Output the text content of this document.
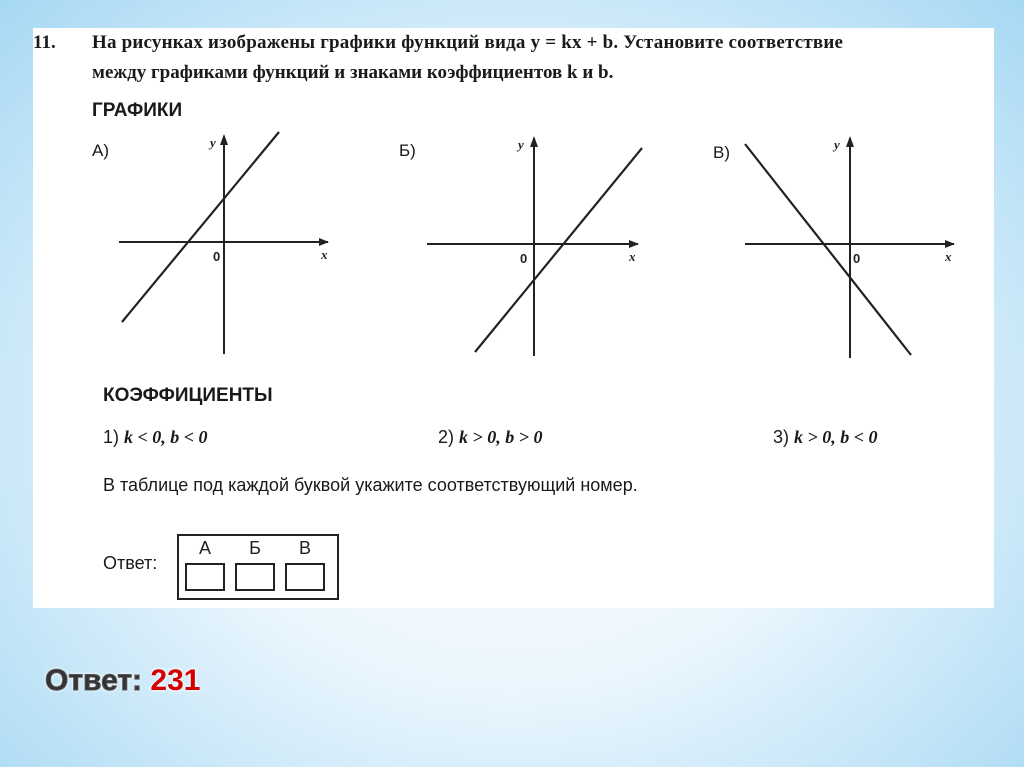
11. На рисунках изображены графики функций вида y = kx + b. Установите соответствие
между графиками функций и знаками коэффициентов k и b.
ГРАФИКИ
А)	Б)	В)
y
x
0
y
x
0
y
x
0
КОЭФФИЦИЕНТЫ
1) k < 0, b < 0	2) k > 0, b > 0	3) k > 0, b < 0
В таблице под каждой буквой укажите соответствующий номер.
Ответ:
А	Б	В
Ответ: 231
